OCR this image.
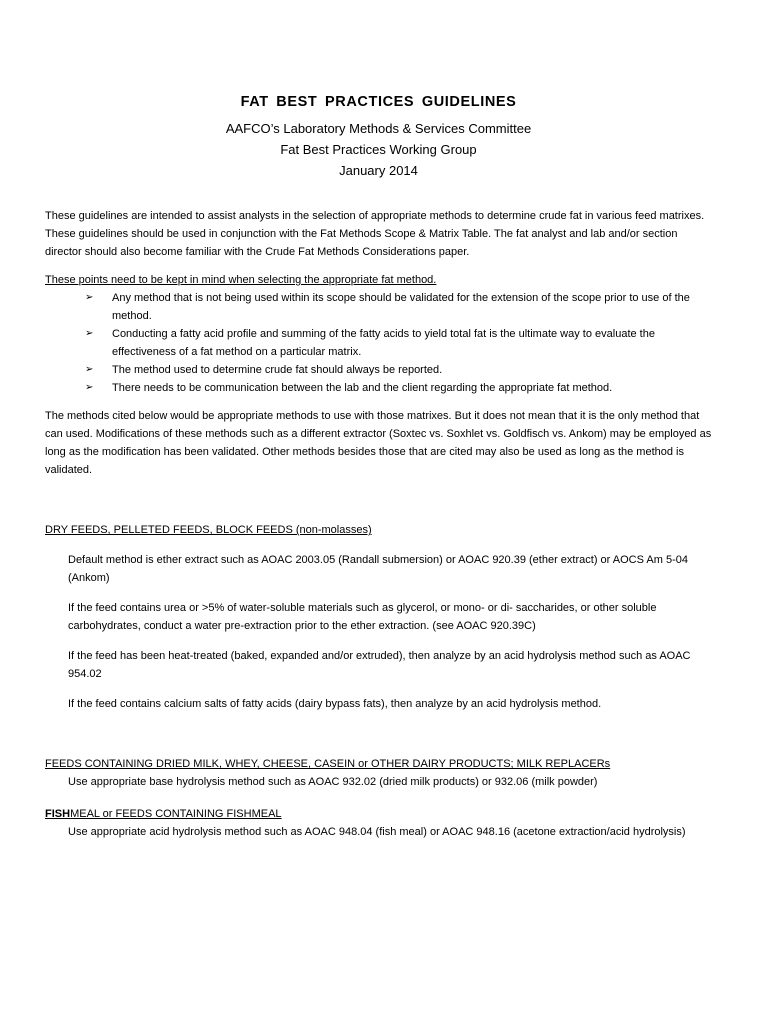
FAT BEST PRACTICES GUIDELINES
AAFCO’s Laboratory Methods & Services Committee
Fat Best Practices Working Group
January 2014

These guidelines are intended to assist analysts in the selection of appropriate methods to determine crude fat in various feed matrixes. These guidelines should be used in conjunction with the Fat Methods Scope & Matrix Table. The fat analyst and lab and/or section director should also become familiar with the Crude Fat Methods Considerations paper.

These points need to be kept in mind when selecting the appropriate fat method.
➢ Any method that is not being used within its scope should be validated for the extension of the scope prior to use of the method.
➢ Conducting a fatty acid profile and summing of the fatty acids to yield total fat is the ultimate way to evaluate the effectiveness of a fat method on a particular matrix.
➢ The method used to determine crude fat should always be reported.
➢ There needs to be communication between the lab and the client regarding the appropriate fat method.

The methods cited below would be appropriate methods to use with those matrixes. But it does not mean that it is the only method that can used. Modifications of these methods such as a different extractor (Soxtec vs. Soxhlet vs. Goldfisch vs. Ankom) may be employed as long as the modification has been validated. Other methods besides those that are cited may also be used as long as the method is validated.

DRY FEEDS, PELLETED FEEDS, BLOCK FEEDS (non-molasses)

Default method is ether extract such as AOAC 2003.05 (Randall submersion) or AOAC 920.39 (ether extract) or AOCS Am 5-04 (Ankom)

If the feed contains urea or >5% of water-soluble materials such as glycerol, or mono- or di- saccharides, or other soluble carbohydrates, conduct a water pre-extraction prior to the ether extraction. (see AOAC 920.39C)

If the feed has been heat-treated (baked, expanded and/or extruded), then analyze by an acid hydrolysis method such as AOAC 954.02

If the feed contains calcium salts of fatty acids (dairy bypass fats), then analyze by an acid hydrolysis method.

FEEDS CONTAINING DRIED MILK, WHEY, CHEESE, CASEIN or OTHER DAIRY PRODUCTS; MILK REPLACERs

Use appropriate base hydrolysis method such as AOAC 932.02 (dried milk products) or 932.06 (milk powder)

FISHMEAL or FEEDS CONTAINING FISHMEAL

Use appropriate acid hydrolysis method such as AOAC 948.04 (fish meal) or AOAC 948.16 (acetone extraction/acid hydrolysis)
